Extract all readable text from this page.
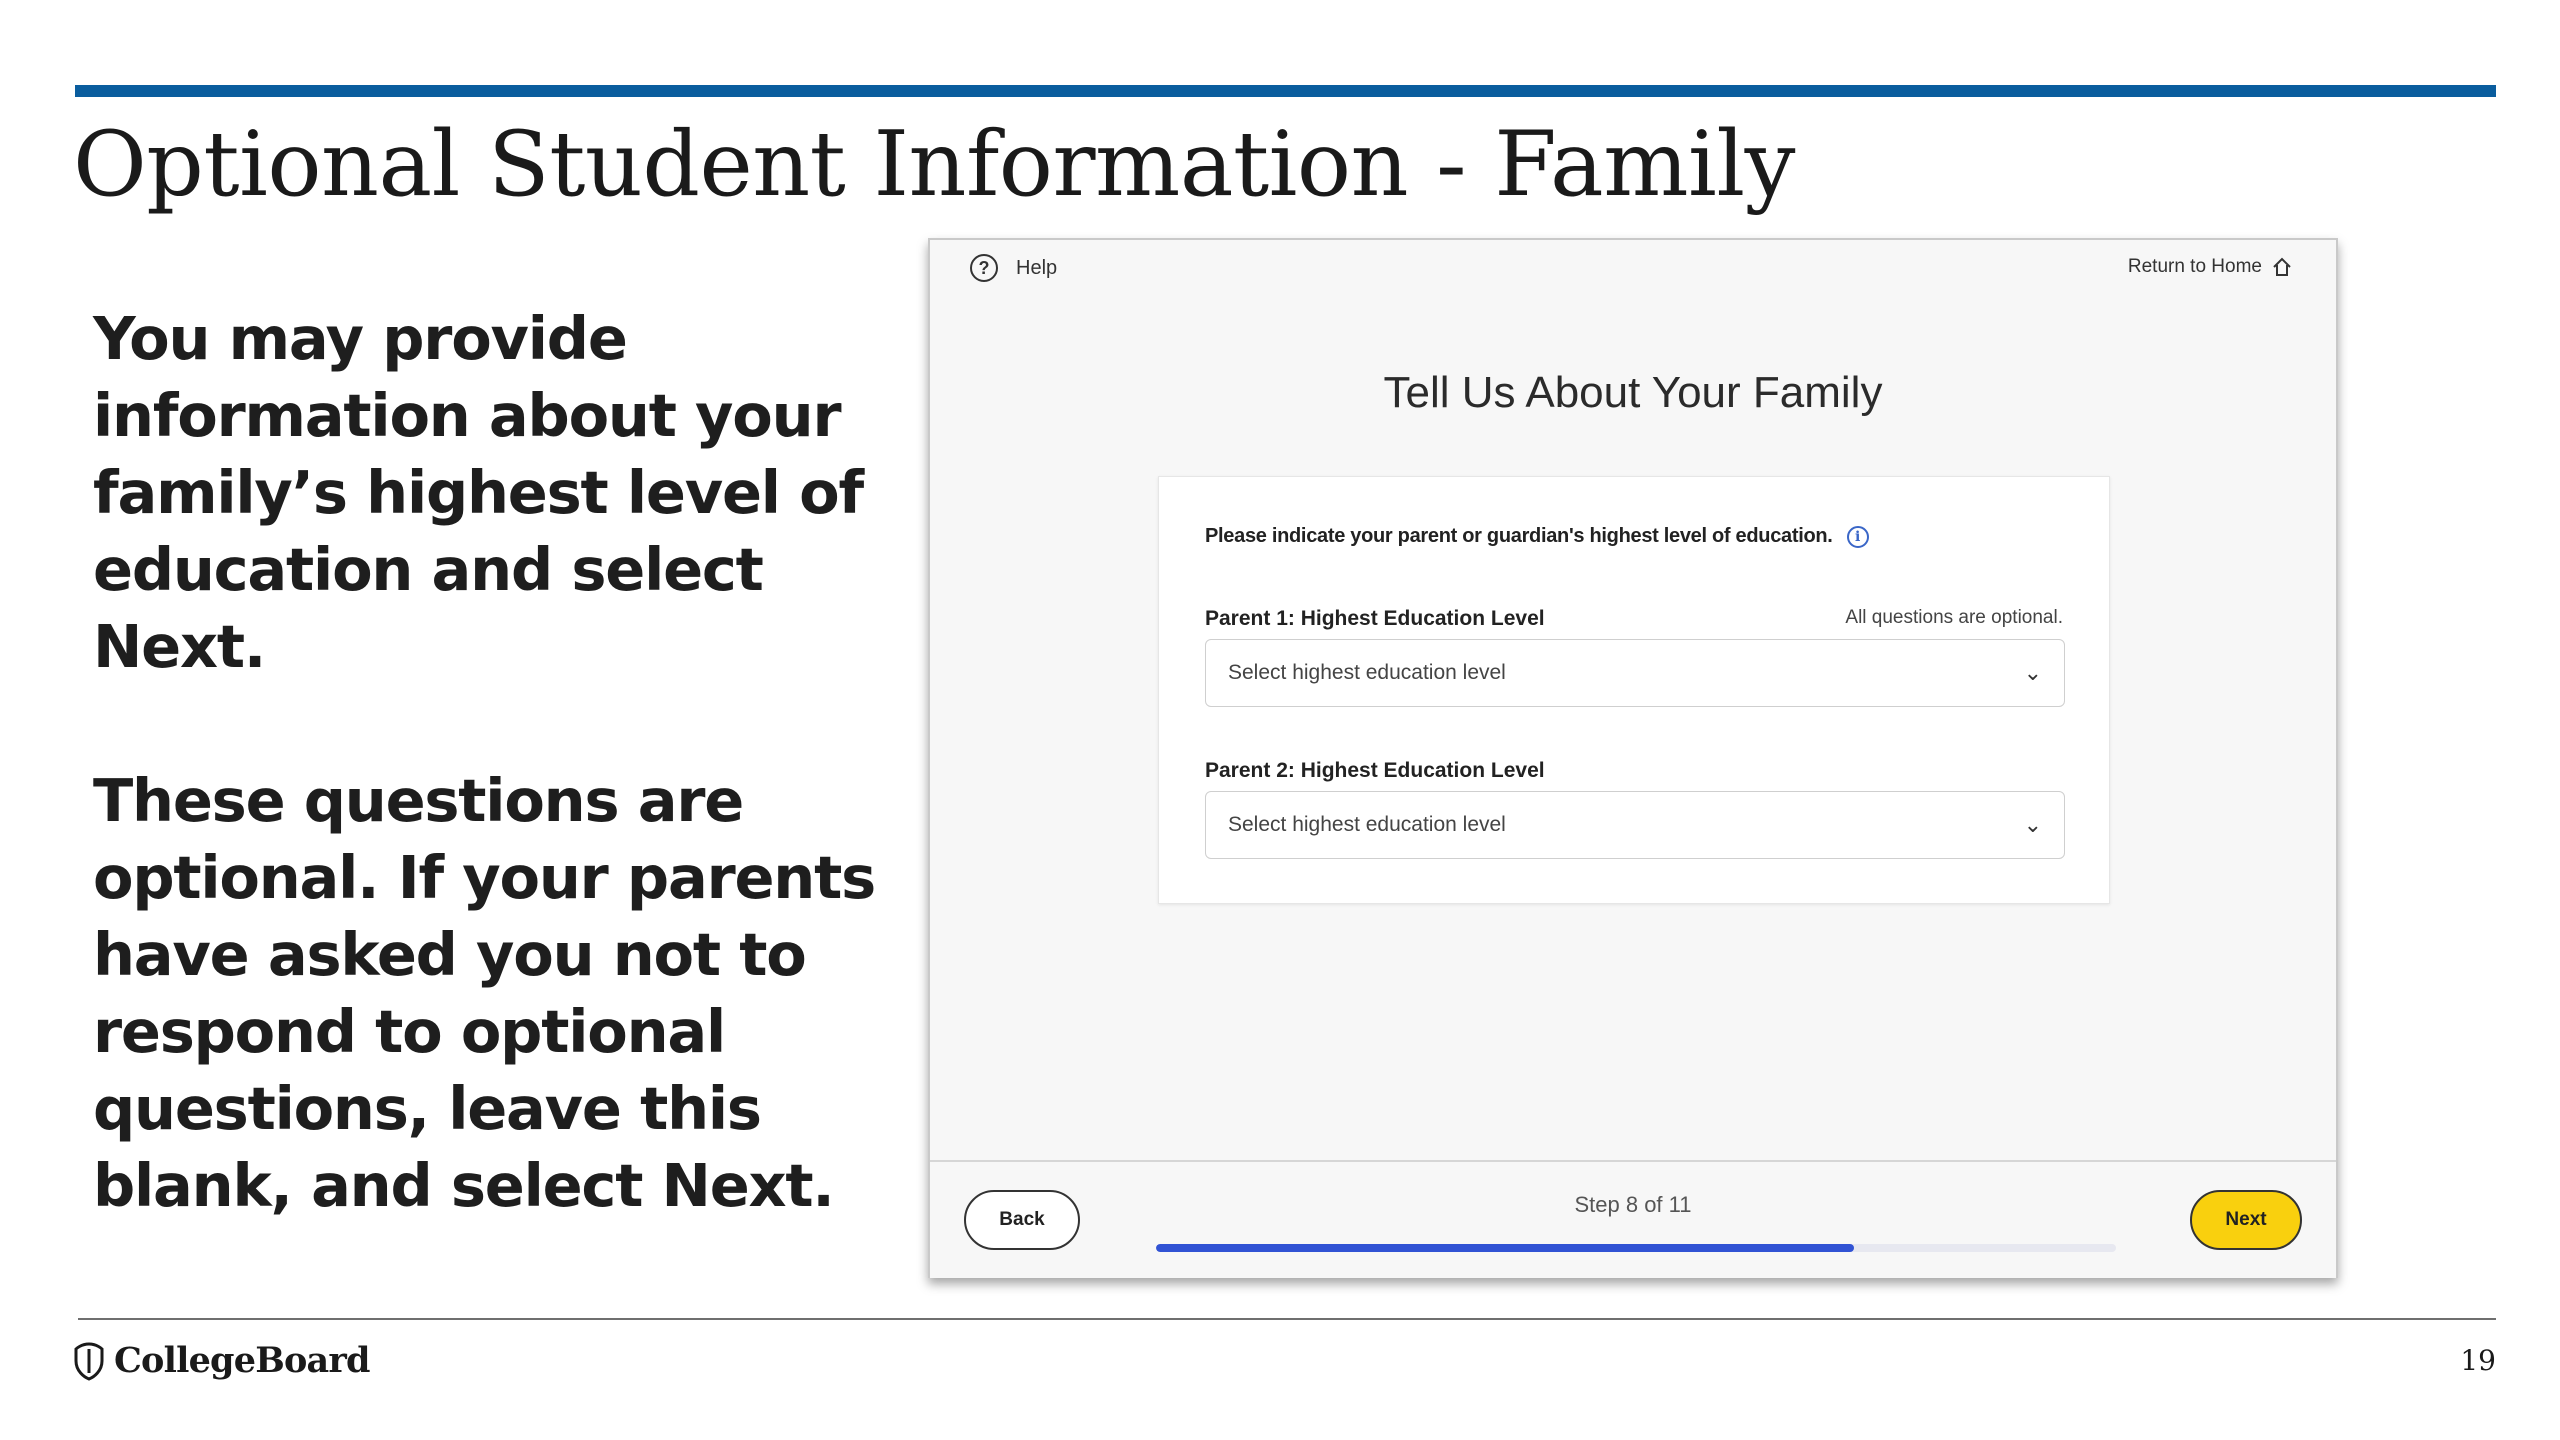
Optional Student Information - Family

You may provide information about your family’s highest level of education and select Next.

These questions are optional. If your parents have asked you not to respond to optional questions, leave this blank, and select Next.

?	Help	Return to Home
Tell Us About Your Family
Please indicate your parent or guardian's highest level of education.	i
Parent 1: Highest Education Level	All questions are optional.
Select highest education level	⌄
Parent 2: Highest Education Level
Select highest education level	⌄
Back
Step 8 of 11
Next
CollegeBoard	19
